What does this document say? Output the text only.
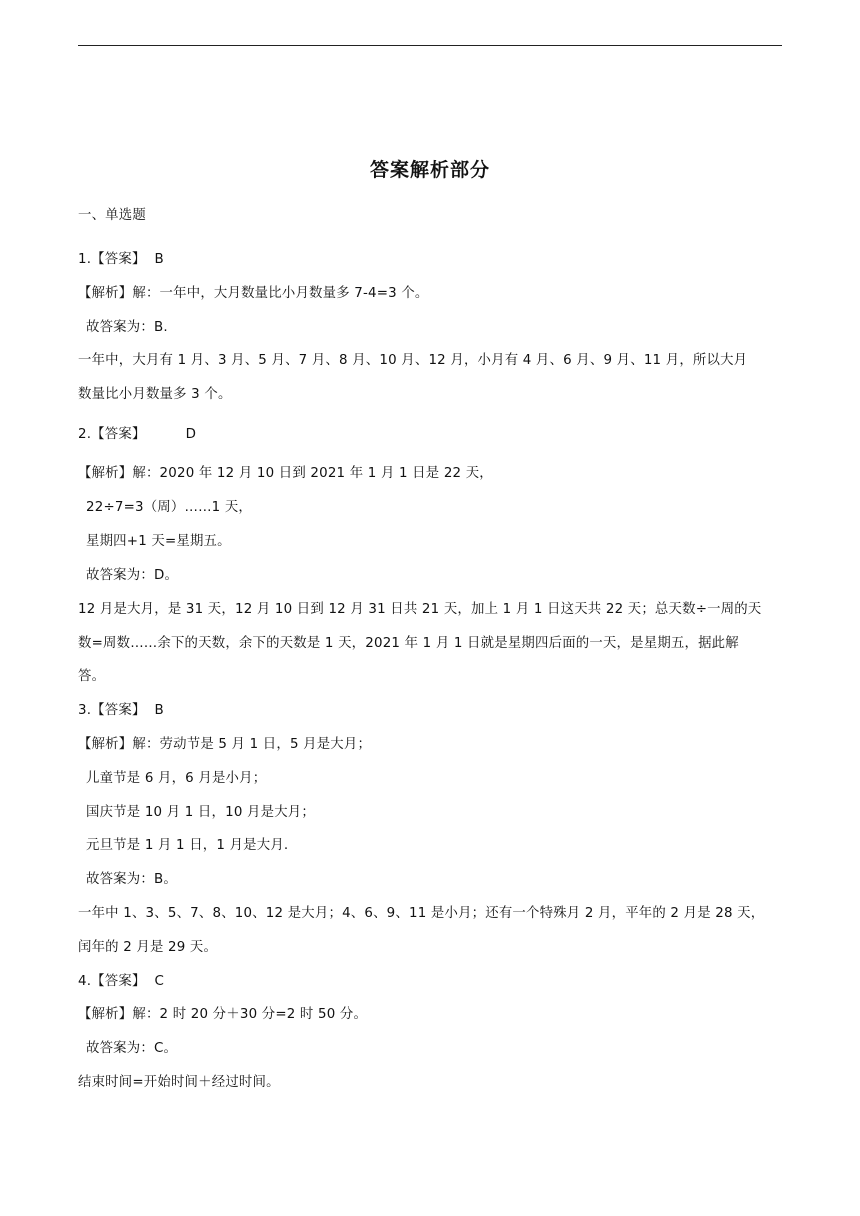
答案解析部分
一、单选题
1.【答案】  B
【解析】解：一年中，大月数量比小月数量多 7-4=3 个。
故答案为：B.
一年中，大月有 1 月、3 月、5 月、7 月、8 月、10 月、12 月，小月有 4 月、6 月、9 月、11 月，所以大月
数量比小月数量多 3 个。
2.【答案】         D
【解析】解：2020 年 12 月 10 日到 2021 年 1 月 1 日是 22 天，
22÷7=3（周）……1 天，
星期四+1 天=星期五。
故答案为：D。
12 月是大月，是 31 天，12 月 10 日到 12 月 31 日共 21 天，加上 1 月 1 日这天共 22 天；总天数÷一周的天
数=周数……余下的天数，余下的天数是 1 天，2021 年 1 月 1 日就是星期四后面的一天，是星期五，据此解
答。
3.【答案】  B
【解析】解：劳动节是 5 月 1 日，5 月是大月；
儿童节是 6 月，6 月是小月；
国庆节是 10 月 1 日，10 月是大月；
元旦节是 1 月 1 日，1 月是大月.
故答案为：B。
一年中 1、3、5、7、8、10、12 是大月；4、6、9、11 是小月；还有一个特殊月 2 月，平年的 2 月是 28 天，
闰年的 2 月是 29 天。
4.【答案】  C
【解析】解：2 时 20 分＋30 分=2 时 50 分。
故答案为：C。
结束时间=开始时间＋经过时间。
